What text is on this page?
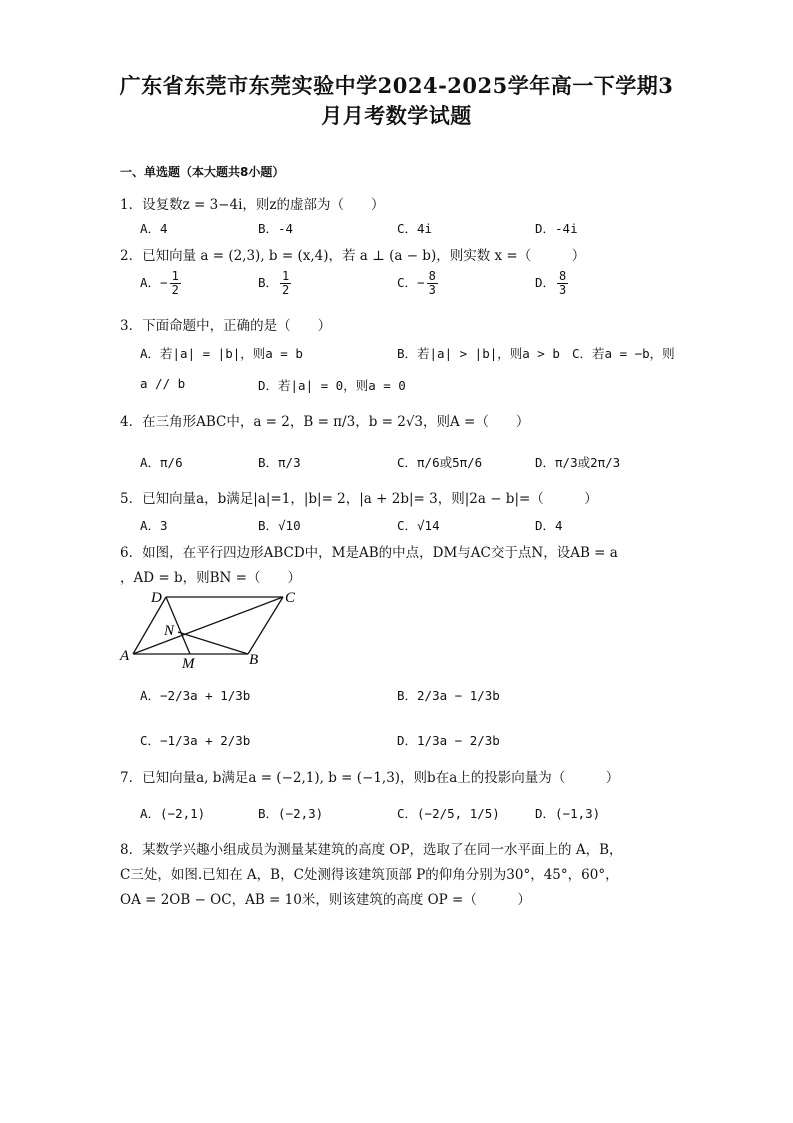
广东省东莞市东莞实验中学2024-2025学年高一下学期3
月月考数学试题
一、单选题（本大题共8小题）
1．设复数z = 3−4i，则z的虚部为（　　）
A．4	B．-4	C．4i	D．-4i
2．已知向量 a = (2,3), b = (x,4)，若 a ⊥ (a − b)，则实数 x =（　　　）
A．− $\frac{1}{2}$	B． $\frac{1}{2}$	C．− $\frac{8}{3}$	D． $\frac{8}{3}$
3．下面命题中，正确的是（　　）
A．若|a| = |b|，则a = b	B．若|a| > |b|，则a > b C．若a = −b，则
a // b	D．若|a| = 0，则a = 0
4．在三角形ABC中，a = 2，B = π/3，b = 2√3，则A =（　　）
A．π/6	B．π/3	C．π/6或5π/6	D．π/3或2π/3
5．已知向量a，b满足|a|=1，|b|= 2，|a + 2b|= 3，则|2a − b|=（　　　）
A．3	B．√10	C．√14	D．4
6．如图，在平行四边形ABCD中，M是AB的中点，DM与AC交于点N，设AB = a
，AD = b，则BN =（　　）
D	C
N
A	M	B
A．−2/3a + 1/3b	B．2/3a − 1/3b
C．−1/3a + 2/3b	D．1/3a − 2/3b
7．已知向量a, b满足a = (−2,1), b = (−1,3)，则b在a上的投影向量为（　　　）
A．(−2,1)	B．(−2,3)	C．(−2/5, 1/5)	D．(−1,3)
8．某数学兴趣小组成员为测量某建筑的高度 OP，选取了在同一水平面上的 A，B，
C三处，如图.已知在 A，B，C处测得该建筑顶部 P的仰角分别为30°，45°，60°，
OA = 2OB − OC，AB = 10米，则该建筑的高度 OP =（　　　）
